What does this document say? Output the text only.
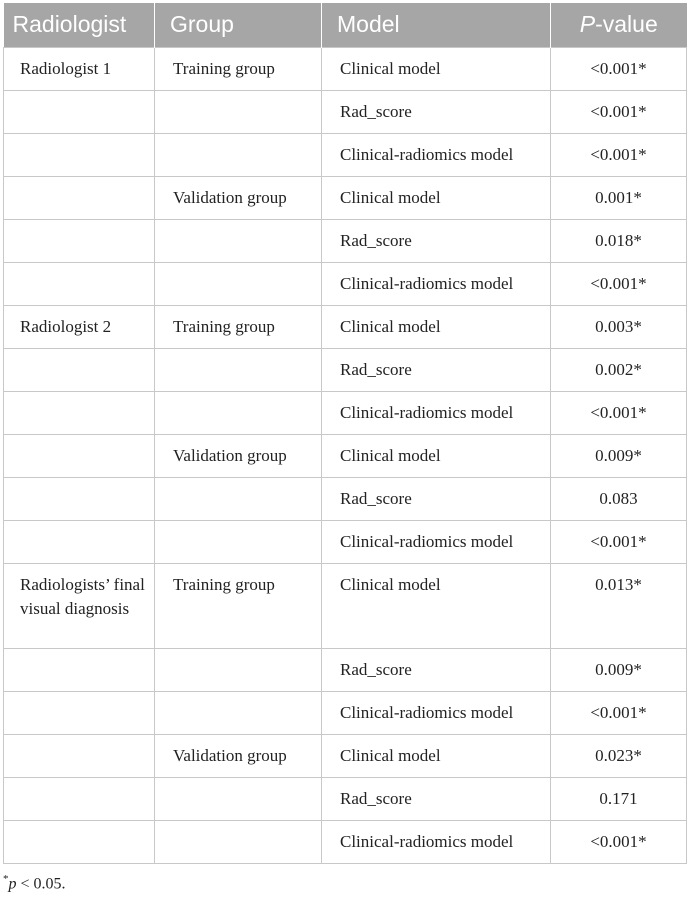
Radiologist	Group	Model	P-value
Radiologist 1	Training group	Clinical model	<0.001*
		Rad_score	<0.001*
		Clinical-radiomics model	<0.001*
	Validation group	Clinical model	0.001*
		Rad_score	0.018*
		Clinical-radiomics model	<0.001*
Radiologist 2	Training group	Clinical model	0.003*
		Rad_score	0.002*
		Clinical-radiomics model	<0.001*
	Validation group	Clinical model	0.009*
		Rad_score	0.083
		Clinical-radiomics model	<0.001*
Radiologists’ final visual diagnosis	Training group	Clinical model	0.013*
		Rad_score	0.009*
		Clinical-radiomics model	<0.001*
	Validation group	Clinical model	0.023*
		Rad_score	0.171
		Clinical-radiomics model	<0.001*
*p < 0.05.
